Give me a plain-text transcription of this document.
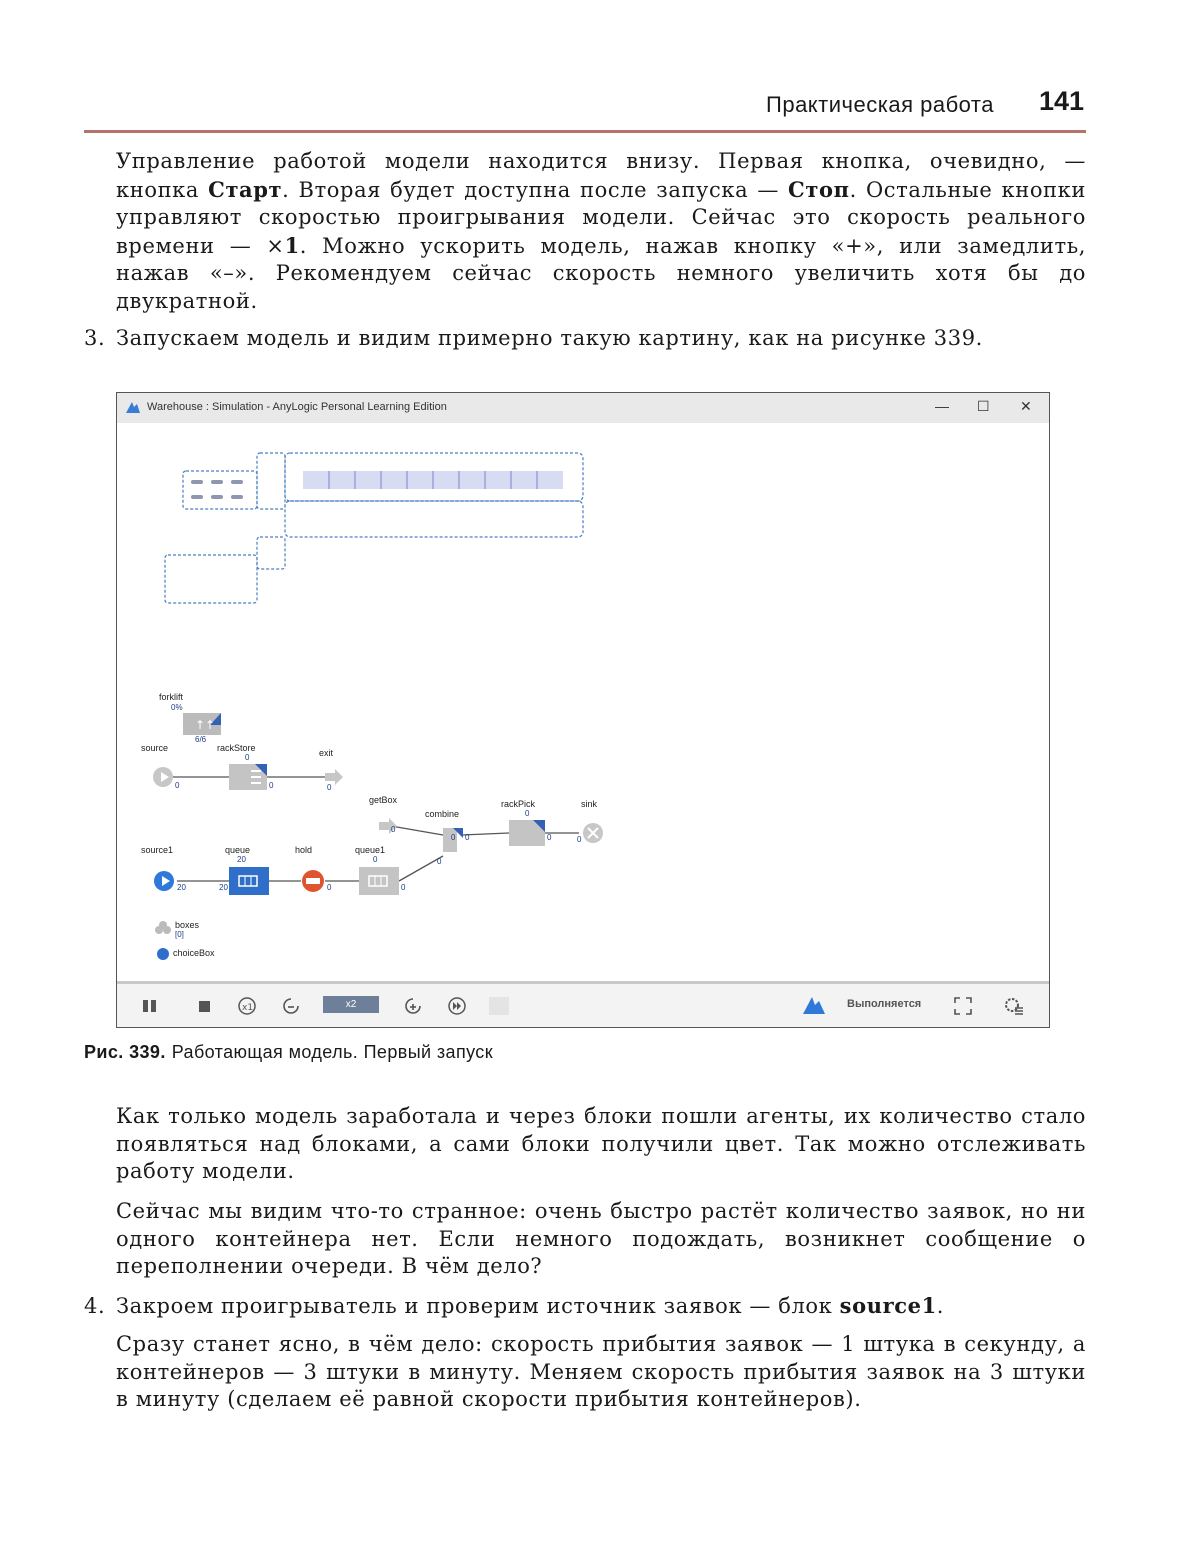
Практическая работа 141
Управление работой модели находится внизу. Первая кнопка, очевидно, — кнопка Старт. Вторая будет доступна после запуска — Стоп. Остальные кнопки управляют скоростью проигрывания модели. Сейчас это скорость реального времени — ×1. Можно ускорить модель, нажав кнопку «+», или замедлить, нажав «–». Рекомендуем сейчас скорость немного увеличить хотя бы до двукратной.
3. Запускаем модель и видим примерно такую картину, как на рисунке 339.
Warehouse : Simulation - AnyLogic Personal Learning Edition	— ☐ ✕
↑↑
forklift
0%
6/6
source
0
rackStore
0
0
exit
0
getBox
0
combine
0
0 0
rackPick
0
0
sink
0
source1
20
queue
20
20
hold
0
queue1
0
0
boxes
[0]
choiceBox
x1	x2	Выполняется
Рис. 339. Работающая модель. Первый запуск
Как только модель заработала и через блоки пошли агенты, их количество стало появляться над блоками, а сами блоки получили цвет. Так можно отслеживать работу модели.
Сейчас мы видим что-то странное: очень быстро растёт количество заявок, но ни одного контейнера нет. Если немного подождать, возникнет сообщение о переполнении очереди. В чём дело?
4. Закроем проигрыватель и проверим источник заявок — блок source1.
Сразу станет ясно, в чём дело: скорость прибытия заявок — 1 штука в секунду, а контейнеров — 3 штуки в минуту. Меняем скорость прибытия заявок на 3 штуки в минуту (сделаем её равной скорости прибытия контейнеров).
